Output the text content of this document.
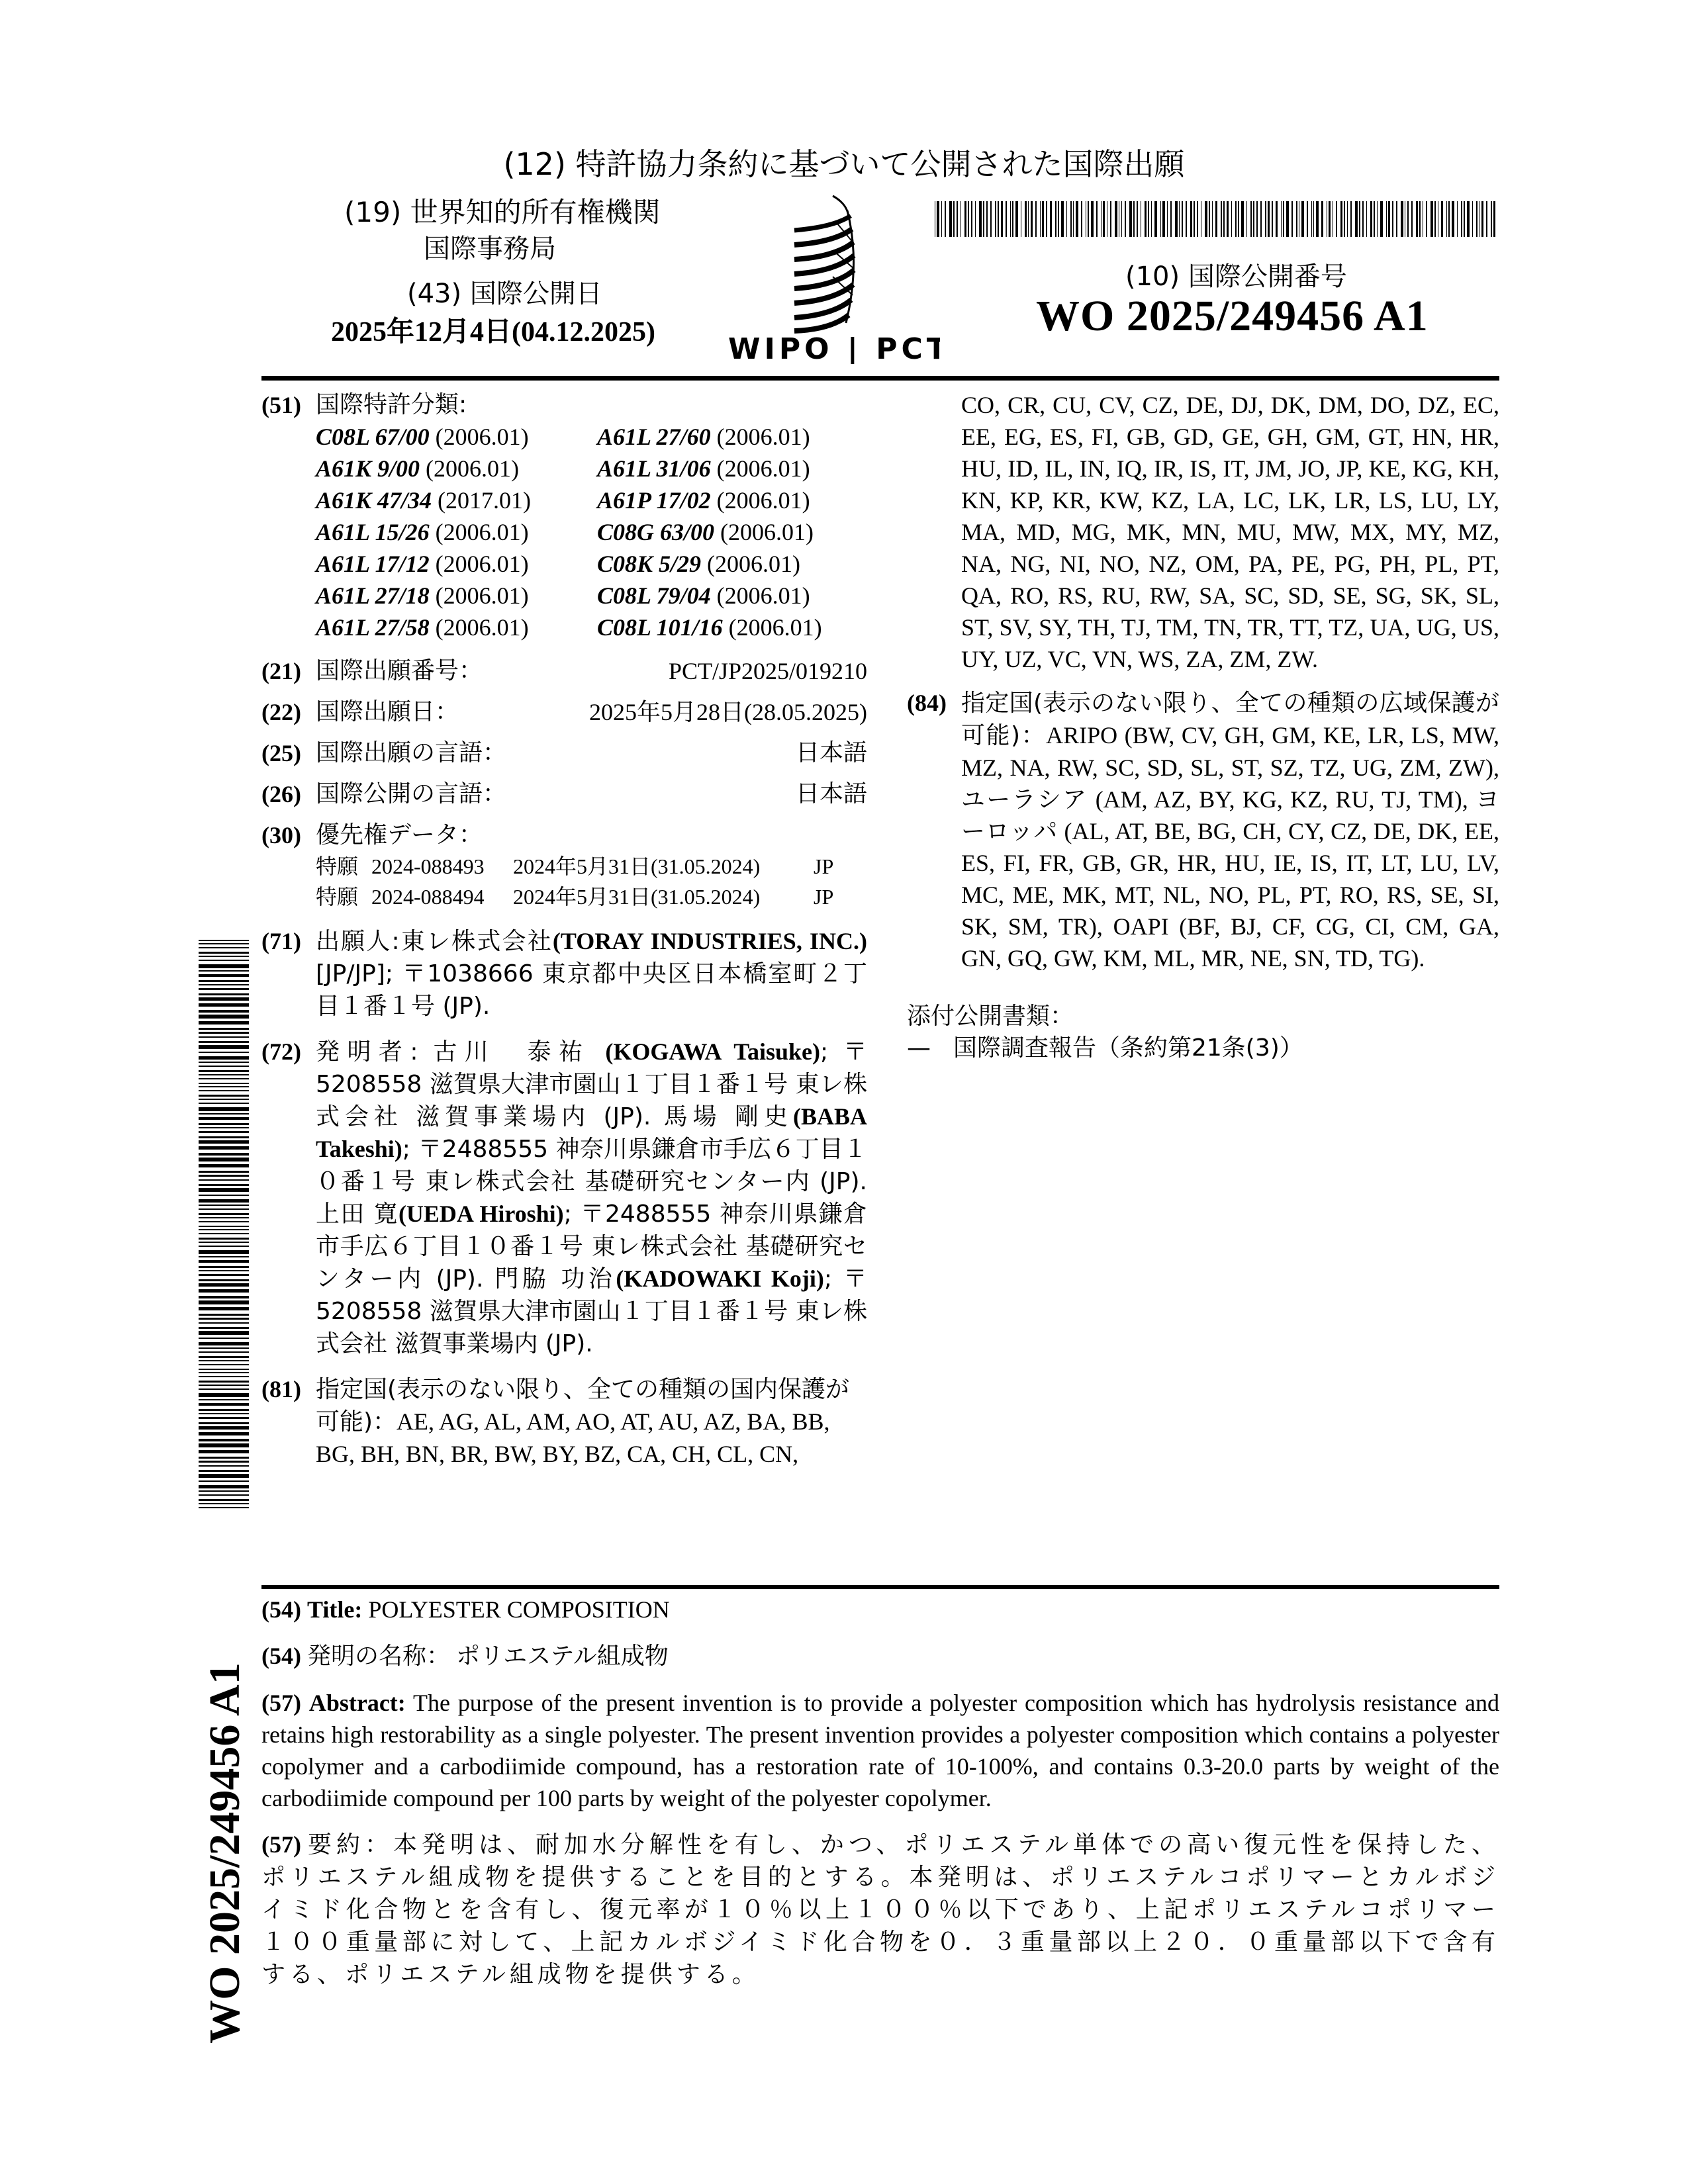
(12) 特許協力条約に基づいて公開された国際出願
(19) 世界知的所有権機関
国際事務局
(43) 国際公開日
2025年12月4日(04.12.2025)	WIPO | PCT
(10) 国際公開番号
WO 2025/249456 A1
(51) 国際特許分類:
C08L 67/00 (2006.01)	A61L 27/60 (2006.01)
A61K 9/00 (2006.01)	A61L 31/06 (2006.01)
A61K 47/34 (2017.01)	A61P 17/02 (2006.01)
A61L 15/26 (2006.01)	C08G 63/00 (2006.01)
A61L 17/12 (2006.01)	C08K 5/29 (2006.01)
A61L 27/18 (2006.01)	C08L 79/04 (2006.01)
A61L 27/58 (2006.01)	C08L 101/16 (2006.01)
(21) 国際出願番号：	PCT/JP2025/019210
(22) 国際出願日：	2025年5月28日(28.05.2025)
(25) 国際出願の言語：	日本語
(26) 国際公開の言語：	日本語
(30) 優先権データ：
特願 2024-088493	2024年5月31日(31.05.2024)	JP
特願 2024-088494	2024年5月31日(31.05.2024)	JP
(71) 出願人:東レ株式会社(TORAY INDUSTRIES, INC.) [JP/JP]; 〒1038666 東京都中央区日本橋室町２丁目１番１号 (JP).
(72) 発明者: 古川　泰祐 (KOGAWA Taisuke); 〒5208558 滋賀県大津市園山１丁目１番１号 東レ株式会社 滋賀事業場内 (JP). 馬場 剛史(BABA Takeshi); 〒2488555 神奈川県鎌倉市手広６丁目１０番１号 東レ株式会社 基礎研究センター内 (JP). 上田 寛(UEDA Hiroshi); 〒2488555 神奈川県鎌倉市手広６丁目１０番１号 東レ株式会社 基礎研究センター内 (JP). 門脇 功治(KADOWAKI Koji); 〒5208558 滋賀県大津市園山１丁目１番１号 東レ株式会社 滋賀事業場内 (JP).
(81) 指定国(表示のない限り、全ての種類の国内保護が可能)：AE, AG, AL, AM, AO, AT, AU, AZ, BA, BB, BG, BH, BN, BR, BW, BY, BZ, CA, CH, CL, CN,
CO, CR, CU, CV, CZ, DE, DJ, DK, DM, DO, DZ, EC, EE, EG, ES, FI, GB, GD, GE, GH, GM, GT, HN, HR, HU, ID, IL, IN, IQ, IR, IS, IT, JM, JO, JP, KE, KG, KH, KN, KP, KR, KW, KZ, LA, LC, LK, LR, LS, LU, LY, MA, MD, MG, MK, MN, MU, MW, MX, MY, MZ, NA, NG, NI, NO, NZ, OM, PA, PE, PG, PH, PL, PT, QA, RO, RS, RU, RW, SA, SC, SD, SE, SG, SK, SL, ST, SV, SY, TH, TJ, TM, TN, TR, TT, TZ, UA, UG, US, UY, UZ, VC, VN, WS, ZA, ZM, ZW.
(84) 指定国(表示のない限り、全ての種類の広域保護が可能)：ARIPO (BW, CV, GH, GM, KE, LR, LS, MW, MZ, NA, RW, SC, SD, SL, ST, SZ, TZ, UG, ZM, ZW), ユーラシア (AM, AZ, BY, KG, KZ, RU, TJ, TM), ヨーロッパ (AL, AT, BE, BG, CH, CY, CZ, DE, DK, EE, ES, FI, FR, GB, GR, HR, HU, IE, IS, IT, LT, LU, LV, MC, ME, MK, MT, NL, NO, PL, PT, RO, RS, SE, SI, SK, SM, TR), OAPI (BF, BJ, CF, CG, CI, CM, GA, GN, GQ, GW, KM, ML, MR, NE, SN, TD, TG).
添付公開書類：
— 国際調査報告（条約第21条(3)）
WO 2025/249456 A1
(54) Title: POLYESTER COMPOSITION
(54) 発明の名称： ポリエステル組成物
(57) Abstract: The purpose of the present invention is to provide a polyester composition which has hydrolysis resistance and retains high restorability as a single polyester. The present invention provides a polyester composition which contains a polyester copolymer and a carbodiimide compound, has a restoration rate of 10-100%, and contains 0.3-20.0 parts by weight of the carbodiimide compound per 100 parts by weight of the polyester copolymer.
(57) 要約：本発明は、耐加水分解性を有し、かつ、ポリエステル単体での高い復元性を保持した、ポリエステル組成物を提供することを目的とする。本発明は、ポリエステルコポリマーとカルボジイミド化合物とを含有し、復元率が１０％以上１００％以下であり、上記ポリエステルコポリマー１００重量部に対して、上記カルボジイミド化合物を０．３重量部以上２０．０重量部以下で含有する、ポリエステル組成物を提供する。
